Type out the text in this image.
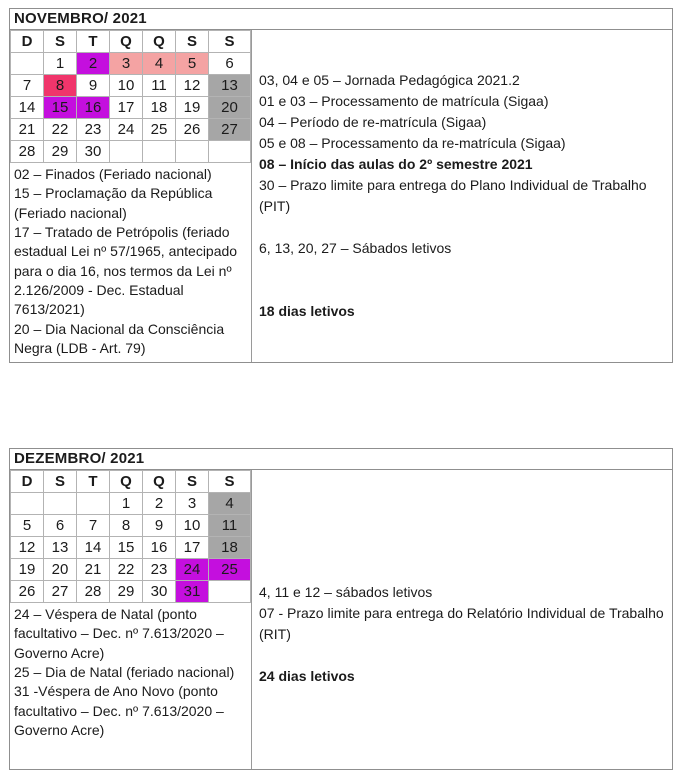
NOVEMBRO/ 2021
D	S	T	Q	Q	S	S
	1	2	3	4	5	6
7	8	9	10	11	12	13
14	15	16	17	18	19	20
21	22	23	24	25	26	27
28	29	30				

02 – Finados (Feriado nacional)

15 – Proclamação da República (Feriado nacional)

17 – Tratado de Petrópolis (feriado estadual Lei nº 57/1965, antecipado para o dia 16, nos termos da Lei nº 2.126/2009 - Dec. Estadual 7613/2021)

20 – Dia Nacional da Consciência Negra (LDB - Art. 79)

03, 04 e 05 – Jornada Pedagógica 2021.2

01 e 03 – Processamento de matrícula (Sigaa)

04 – Período de re-matrícula (Sigaa)

05 e 08 – Processamento da re-matrícula (Sigaa)

08 – Início das aulas do 2º semestre 2021

30 – Prazo limite para entrega do Plano Individual de Trabalho (PIT)

6, 13, 20, 27 – Sábados letivos

18 dias letivos

DEZEMBRO/ 2021
D	S	T	Q	Q	S	S
			1	2	3	4
5	6	7	8	9	10	11
12	13	14	15	16	17	18
19	20	21	22	23	24	25
26	27	28	29	30	31	

24 – Véspera de Natal (ponto facultativo – Dec. nº 7.613/2020 – Governo Acre)

25 – Dia de Natal (feriado nacional)

31 -Véspera de Ano Novo (ponto facultativo – Dec. nº 7.613/2020 – Governo Acre)

4, 11 e 12 – sábados letivos

07 - Prazo limite para entrega do Relatório Individual de Trabalho (RIT)

24 dias letivos
